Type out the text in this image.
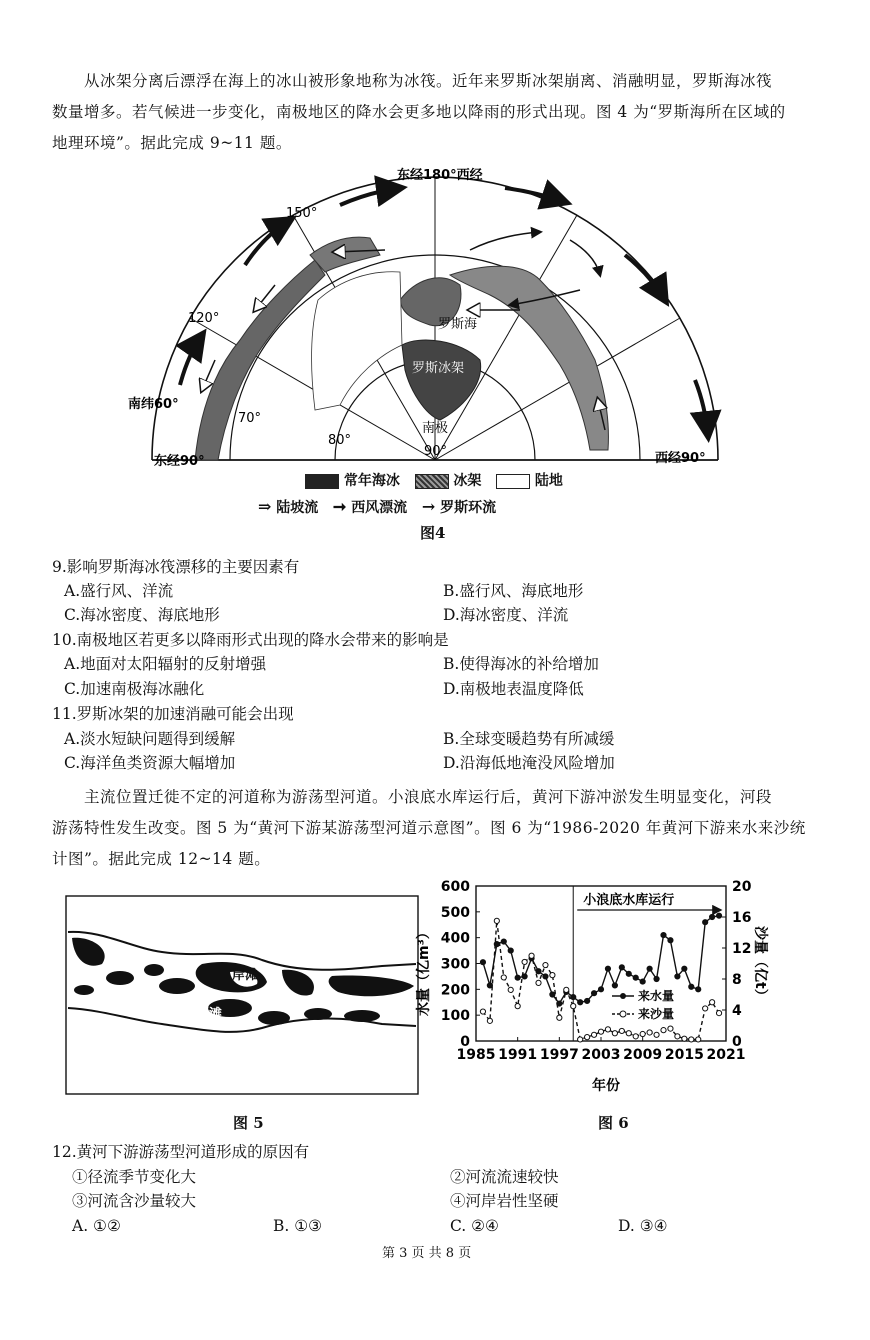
从冰架分离后漂浮在海上的冰山被形象地称为冰筏。近年来罗斯冰架崩离、消融明显，罗斯海冰筏
数量增多。若气候进一步变化，南极地区的降水会更多地以降雨的形式出现。图 4 为“罗斯海所在区域的
地理环境”。据此完成 9~11 题。
东经180°西经
150°
120°
南纬60°
70°
80°
南极
90°
东经90°	西经90°
罗斯海
罗斯冰架
常年海冰	冰架	陆地
⇒ 陆坡流 ➞ 西风漂流 → 罗斯环流
图4
9.影响罗斯海冰筏漂移的主要因素有
A.盛行风、洋流	B.盛行风、海底地形
C.海冰密度、海底地形	D.海冰密度、洋流
10.南极地区若更多以降雨形式出现的降水会带来的影响是
A.地面对太阳辐射的反射增强	B.使得海冰的补给增加
C.加速南极海冰融化	D.南极地表温度降低
11.罗斯冰架的加速消融可能会出现
A.淡水短缺问题得到缓解	B.全球变暖趋势有所减缓
C.海洋鱼类资源大幅增加	D.沿海低地淹没风险增加
主流位置迁徙不定的河道称为游荡型河道。小浪底水库运行后，黄河下游冲淤发生明显变化，河段
游荡特性发生改变。图 5 为“黄河下游某游荡型河道示意图”。图 6 为“1986-2020 年黄河下游来水来沙统
计图”。据此完成 12~14 题。
岸滩
洲滩
图 5
0
100
200
300
400
500
600
0
4
8
12
16
20
1985 1991 1997 2003 2009 2015 2021
小浪底水库运行
水量（亿m³）	沙量（亿t）
年份
来水量
来沙量
图 6
12.黄河下游游荡型河道形成的原因有
①径流季节变化大	②河流流速较快
③河流含沙量较大	④河岸岩性坚硬
A. ①②	B. ①③	C. ②④	D. ③④
第 3 页 共 8 页
